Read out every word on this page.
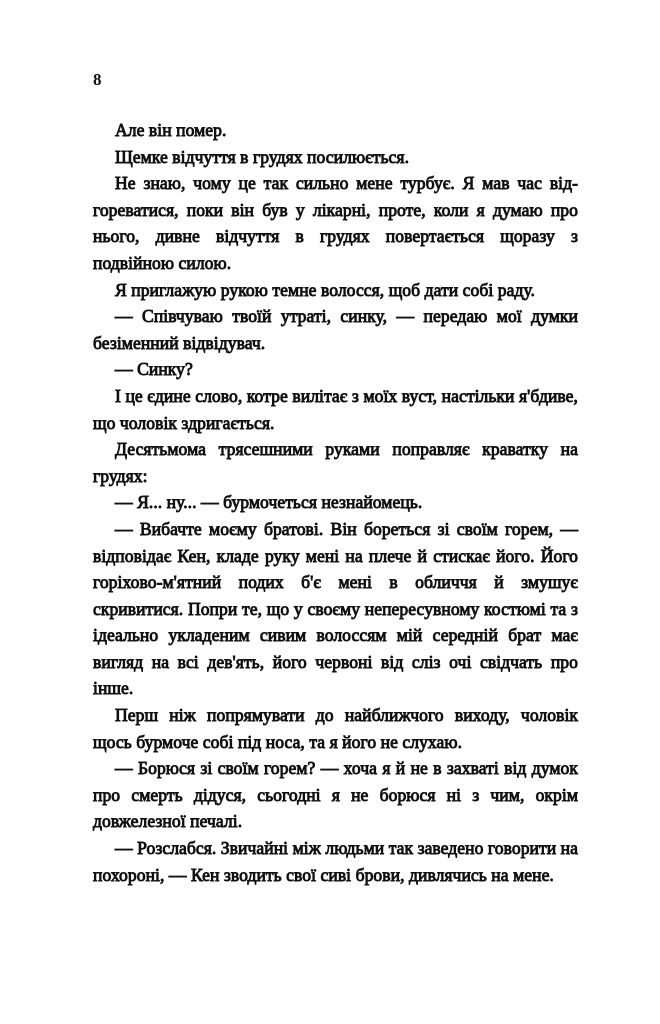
8

Але він помер.

Щемке відчуття в грудях посилюється.

Не знаю, чому це так сильно мене турбує. Я мав час відгореватися, поки він був у лікарні, проте, коли я думаю про нього, дивне відчуття в грудях повертається щоразу з подвійною силою.

Я приглажую рукою темне волосся, щоб дати собі раду.

— Співчуваю твоїй утраті, синку, — передаю мої думки безіменний відвідувач.

— Синку?

І це єдине слово, котре вилітає з моїх вуст, настільки я'бдиве, що чоловік здригається.

Десятьмома трясешними руками поправляє краватку на грудях:

— Я... ну... — бурмочеться незнайомець.

— Вибачте моєму братові. Він бореться зі своїм горем, — відповідає Кен, кладе руку мені на плече й стискає його. Його горіхово-м'ятний подих б'є мені в обличчя й змушує скривитися. Попри те, що у своєму непересувному костюмі та з ідеально укладеним сивим волоссям мій середній брат має вигляд на всі дев'ять, його червоні від сліз очі свідчать про інше.

Перш ніж попрямувати до найближчого виходу, чоловік щось бурмоче собі під носа, та я його не слухаю.

— Борюся зі своїм горем? — хоча я й не в захваті від думок про смерть дідуся, сьогодні я не борюся ні з чим, окрім довжелезної печалі.

— Розслабся. Звичайні між людьми так заведено говорити на похороні, — Кен зводить свої сиві брови, дивлячись на мене.
